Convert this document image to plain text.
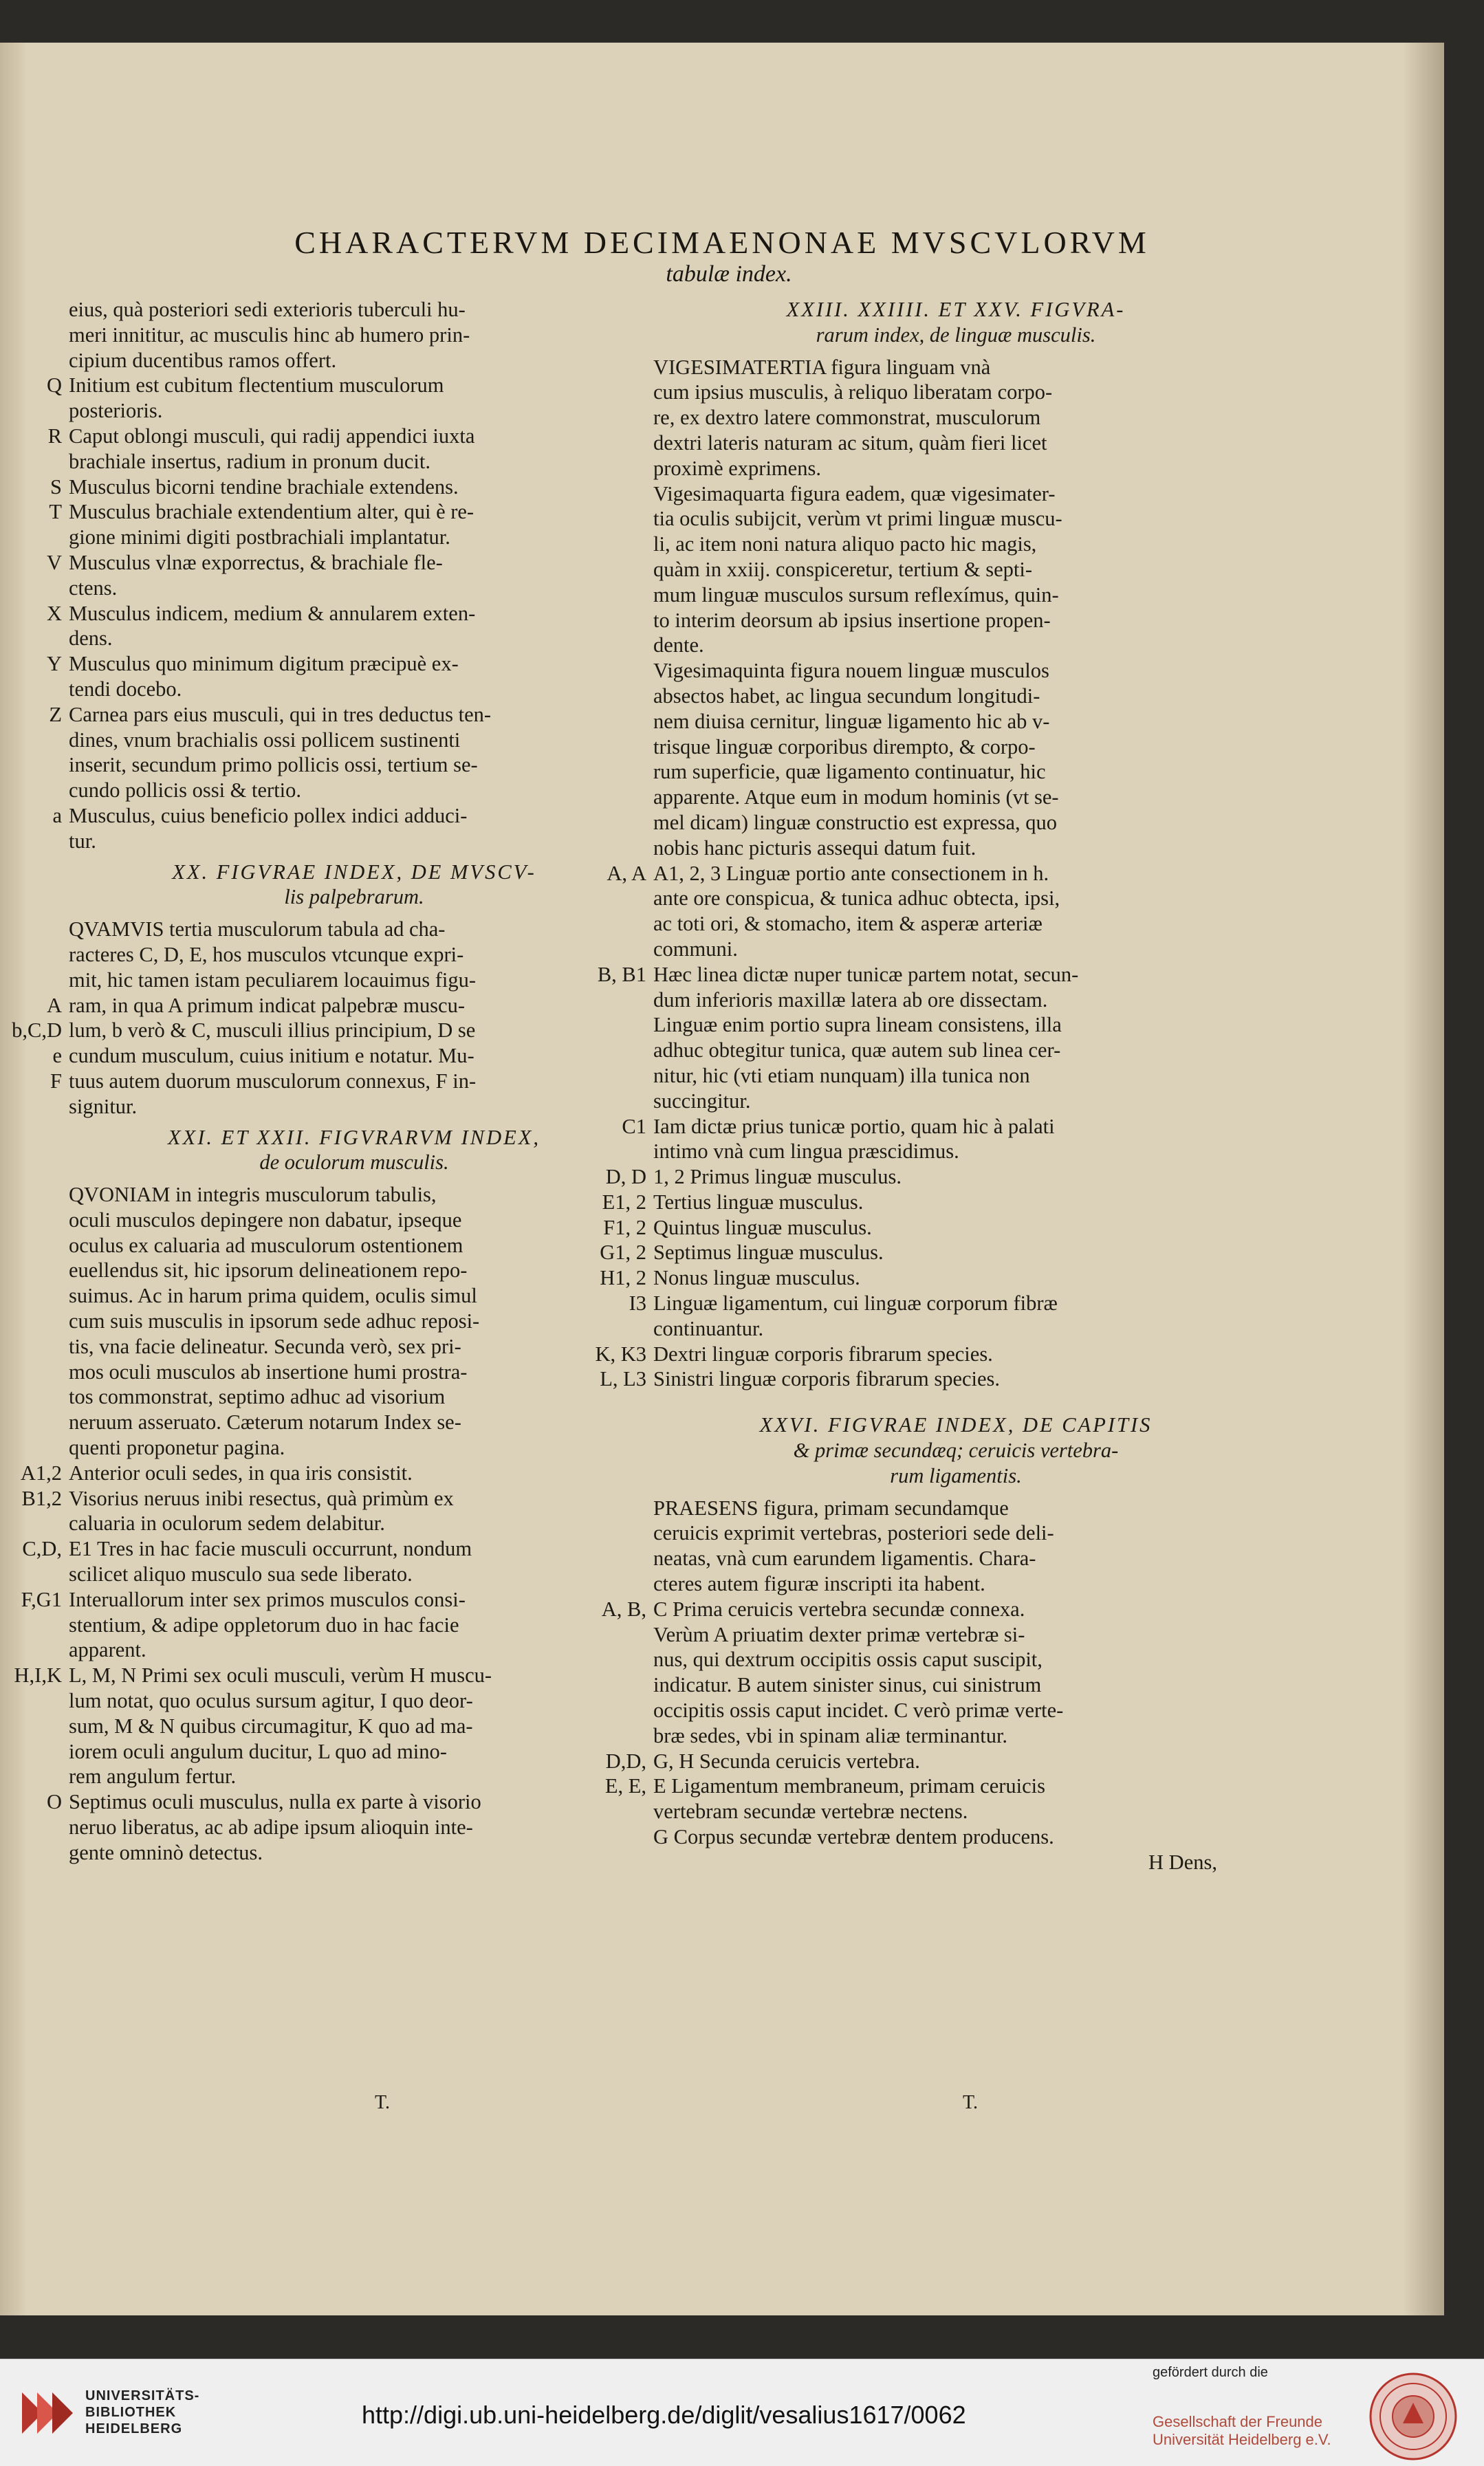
CHARACTERVM DECIMAENONAE MVSCVLORVM
tabulæ index.
eius, quà posteriori sedi exterioris tuberculi hu-
meri innititur, ac musculis hinc ab humero prin-
cipium ducentibus ramos offert.
Q Initium est cubitum flectentium musculorum
posterioris.
R Caput oblongi musculi, qui radij appendici iuxta
brachiale insertus, radium in pronum ducit.
S Musculus bicorni tendine brachiale extendens.
T Musculus brachiale extendentium alter, qui è re-
gione minimi digiti postbrachiali implantatur.
V Musculus vlnæ exporrectus, & brachiale fle-
ctens.
X Musculus indicem, medium & annularem exten-
dens.
Y Musculus quo minimum digitum præcipuè ex-
tendi docebo.
Z Carnea pars eius musculi, qui in tres deductus ten-
dines, vnum brachialis ossi pollicem sustinenti
inserit, secundum primo pollicis ossi, tertium se-
cundo pollicis ossi & tertio.
a Musculus, cuius beneficio pollex indici adduci-
tur.
XX. FIGVRAE INDEX, DE MVSCV-
lis palpebrarum.
QVAMVIS tertia musculorum tabula ad cha-
racteres C, D, E, hos musculos vtcunque expri-
mit, hic tamen istam peculiarem locauimus figu-
A ram, in qua A primum indicat palpebræ muscu-
b,C,D lum, b verò & C, musculi illius principium, D se
e cundum musculum, cuius initium e notatur. Mu-
F tuus autem duorum musculorum connexus, F in-
signitur.
XXI. ET XXII. FIGVRARVM INDEX,
de oculorum musculis.
QVONIAM in integris musculorum tabulis,
oculi musculos depingere non dabatur, ipseque
oculus ex caluaria ad musculorum ostentionem
euellendus sit, hic ipsorum delineationem repo-
suimus. Ac in harum prima quidem, oculis simul
cum suis musculis in ipsorum sede adhuc reposi-
tis, vna facie delineatur. Secunda verò, sex pri-
mos oculi musculos ab insertione humi prostra-
tos commonstrat, septimo adhuc ad visorium
neruum asseruato. Cæterum notarum Index se-
quenti proponetur pagina.
A1,2 Anterior oculi sedes, in qua iris consistit.
B1,2 Visorius neruus inibi resectus, quà primùm ex
caluaria in oculorum sedem delabitur.
C,D, E1 Tres in hac facie musculi occurrunt, nondum
scilicet aliquo musculo sua sede liberato.
F,G1 Interuallorum inter sex primos musculos consi-
stentium, & adipe oppletorum duo in hac facie
apparent.
H,I,K L, M, N Primi sex oculi musculi, verùm H muscu-
lum notat, quo oculus sursum agitur, I quo deor-
sum, M & N quibus circumagitur, K quo ad ma-
iorem oculi angulum ducitur, L quo ad mino-
rem angulum fertur.
O Septimus oculi musculus, nulla ex parte à visorio
neruo liberatus, ac ab adipe ipsum alioquin inte-
gente omninò detectus.
XXIII. XXIIII. ET XXV. FIGVRA-
rarum index, de linguæ musculis.
VIGESIMATERTIA figura linguam vnà
cum ipsius musculis, à reliquo liberatam corpo-
re, ex dextro latere commonstrat, musculorum
dextri lateris naturam ac situm, quàm fieri licet
proximè exprimens.
Vigesimaquarta figura eadem, quæ vigesimater-
tia oculis subijcit, verùm vt primi linguæ muscu-
li, ac item noni natura aliquo pacto hic magis,
quàm in xxiij. conspiceretur, tertium & septi-
mum linguæ musculos sursum reflexímus, quin-
to interim deorsum ab ipsius insertione propen-
dente.
Vigesimaquinta figura nouem linguæ musculos
absectos habet, ac lingua secundum longitudi-
nem diuisa cernitur, linguæ ligamento hic ab v-
trisque linguæ corporibus dirempto, & corpo-
rum superficie, quæ ligamento continuatur, hic
apparente. Atque eum in modum hominis (vt se-
mel dicam) linguæ constructio est expressa, quo
nobis hanc picturis assequi datum fuit.
A, A A1, 2, 3 Linguæ portio ante consectionem in h.
ante ore conspicua, & tunica adhuc obtecta, ipsi,
ac toti ori, & stomacho, item & asperæ arteriæ
communi.
B, B1 Hæc linea dictæ nuper tunicæ partem notat, secun-
dum inferioris maxillæ latera ab ore dissectam.
Linguæ enim portio supra lineam consistens, illa
adhuc obtegitur tunica, quæ autem sub linea cer-
nitur, hic (vti etiam nunquam) illa tunica non
succingitur.
C1 Iam dictæ prius tunicæ portio, quam hic à palati
intimo vnà cum lingua præscidimus.
D, D 1, 2 Primus linguæ musculus.
E1, 2 Tertius linguæ musculus.
F1, 2 Quintus linguæ musculus.
G1, 2 Septimus linguæ musculus.
H1, 2 Nonus linguæ musculus.
I3 Linguæ ligamentum, cui linguæ corporum fibræ
continuantur.
K, K3 Dextri linguæ corporis fibrarum species.
L, L3 Sinistri linguæ corporis fibrarum species.
XXVI. FIGVRAE INDEX, DE CAPITIS
& primæ secundæq; ceruicis vertebra-
rum ligamentis.
PRAESENS figura, primam secundamque
ceruicis exprimit vertebras, posteriori sede deli-
neatas, vnà cum earundem ligamentis. Chara-
cteres autem figuræ inscripti ita habent.
A, B, C Prima ceruicis vertebra secundæ connexa.
Verùm A priuatim dexter primæ vertebræ si-
nus, qui dextrum occipitis ossis caput suscipit,
indicatur. B autem sinister sinus, cui sinistrum
occipitis ossis caput incidet. C verò primæ verte-
bræ sedes, vbi in spinam aliæ terminantur.
D,D, G, H Secunda ceruicis vertebra.
E, E, E Ligamentum membraneum, primam ceruicis
vertebram secundæ vertebræ nectens.
G Corpus secundæ vertebræ dentem producens.
H Dens,
T.	T.
UNIVERSITÄTS-
BIBLIOTHEK
HEIDELBERG	http://digi.ub.uni-heidelberg.de/diglit/vesalius1617/0062
gefördert durch die
Gesellschaft der Freunde
Universität Heidelberg e.V.
